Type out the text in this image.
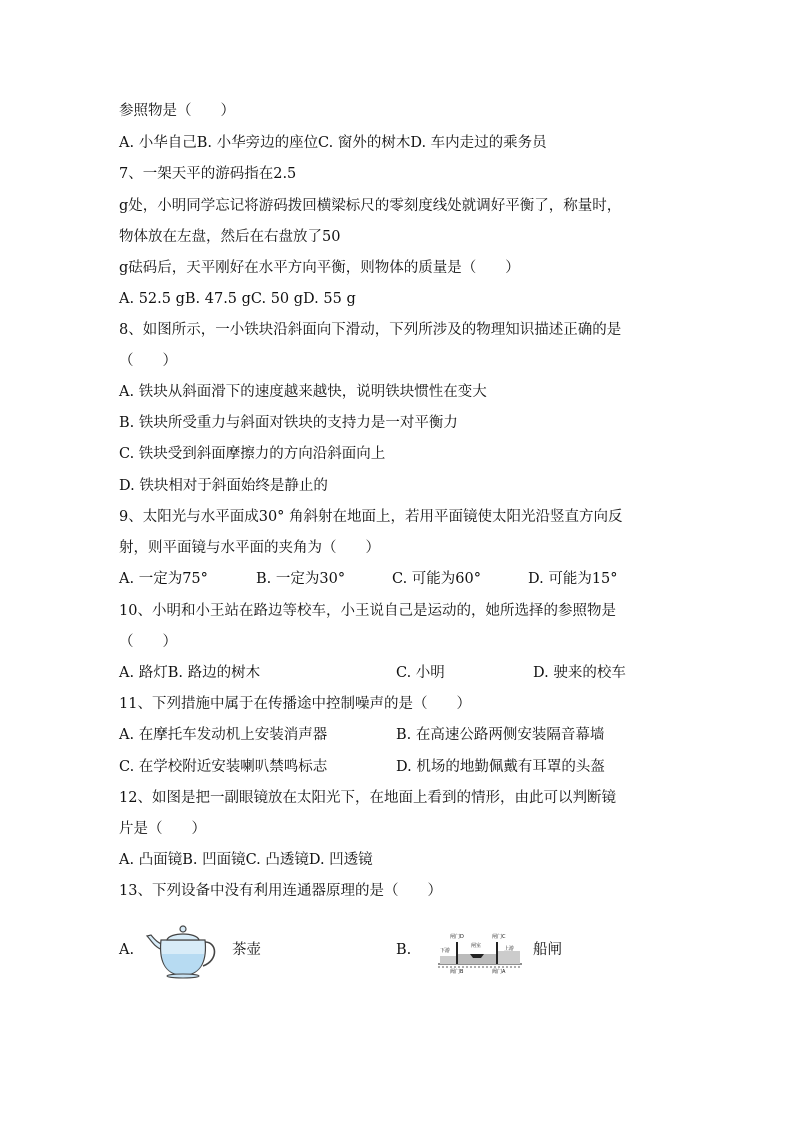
参照物是（　　）
A. 小华自己B. 小华旁边的座位C. 窗外的树木D. 车内走过的乘务员
7、一架天平的游码指在2.5
g处，小明同学忘记将游码拨回横梁标尺的零刻度线处就调好平衡了，称量时，
物体放在左盘，然后在右盘放了50
g砝码后，天平刚好在水平方向平衡，则物体的质量是（　　）
A. 52.5 gB. 47.5 gC. 50 gD. 55 g
8、如图所示，一小铁块沿斜面向下滑动，下列所涉及的物理知识描述正确的是
（　　）
A. 铁块从斜面滑下的速度越来越快，说明铁块惯性在变大
B. 铁块所受重力与斜面对铁块的支持力是一对平衡力
C. 铁块受到斜面摩擦力的方向沿斜面向上
D. 铁块相对于斜面始终是静止的
9、太阳光与水平面成30° 角斜射在地面上，若用平面镜使太阳光沿竖直方向反
射，则平面镜与水平面的夹角为（　　）
A. 一定为75°	B. 一定为30°	C. 可能为60°	D. 可能为15°
10、小明和小王站在路边等校车，小王说自己是运动的，她所选择的参照物是
（　　）
A. 路灯B. 路边的树木	C. 小明	D. 驶来的校车
11、下列措施中属于在传播途中控制噪声的是（　　）
A. 在摩托车发动机上安装消声器	B. 在高速公路两侧安装隔音幕墙
C. 在学校附近安装喇叭禁鸣标志	D. 机场的地勤佩戴有耳罩的头盔
12、如图是把一副眼镜放在太阳光下，在地面上看到的情形，由此可以判断镜
片是（　　）
A. 凸面镜B. 凹面镜C. 凸透镜D. 凹透镜
13、下列设备中没有利用连通器原理的是（　　）
A.	茶壶	B.
闸门D	闸门C
闸室
下游	上游
阀门B	阀门A
船闸
